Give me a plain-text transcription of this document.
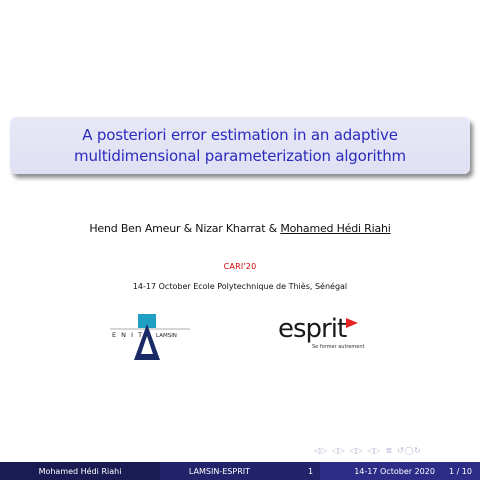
A posteriori error estimation in an adaptive
multidimensional parameterization algorithm
Hend Ben Ameur & Nizar Kharrat & Mohamed Hédi Riahi
CARI'20
14-17 October Ecole Polytechnique de Thiès, Sénégal
E N I T LAMSIN	esprit
Se former autrement
◁ ▷ ◁ ▷ ◁ ▷ ◁ ▷ ≣ ↺ ◯ ↻
Mohamed Hédi Riahi	LAMSIN-ESPRIT	1	14-17 October 2020 1 / 10
